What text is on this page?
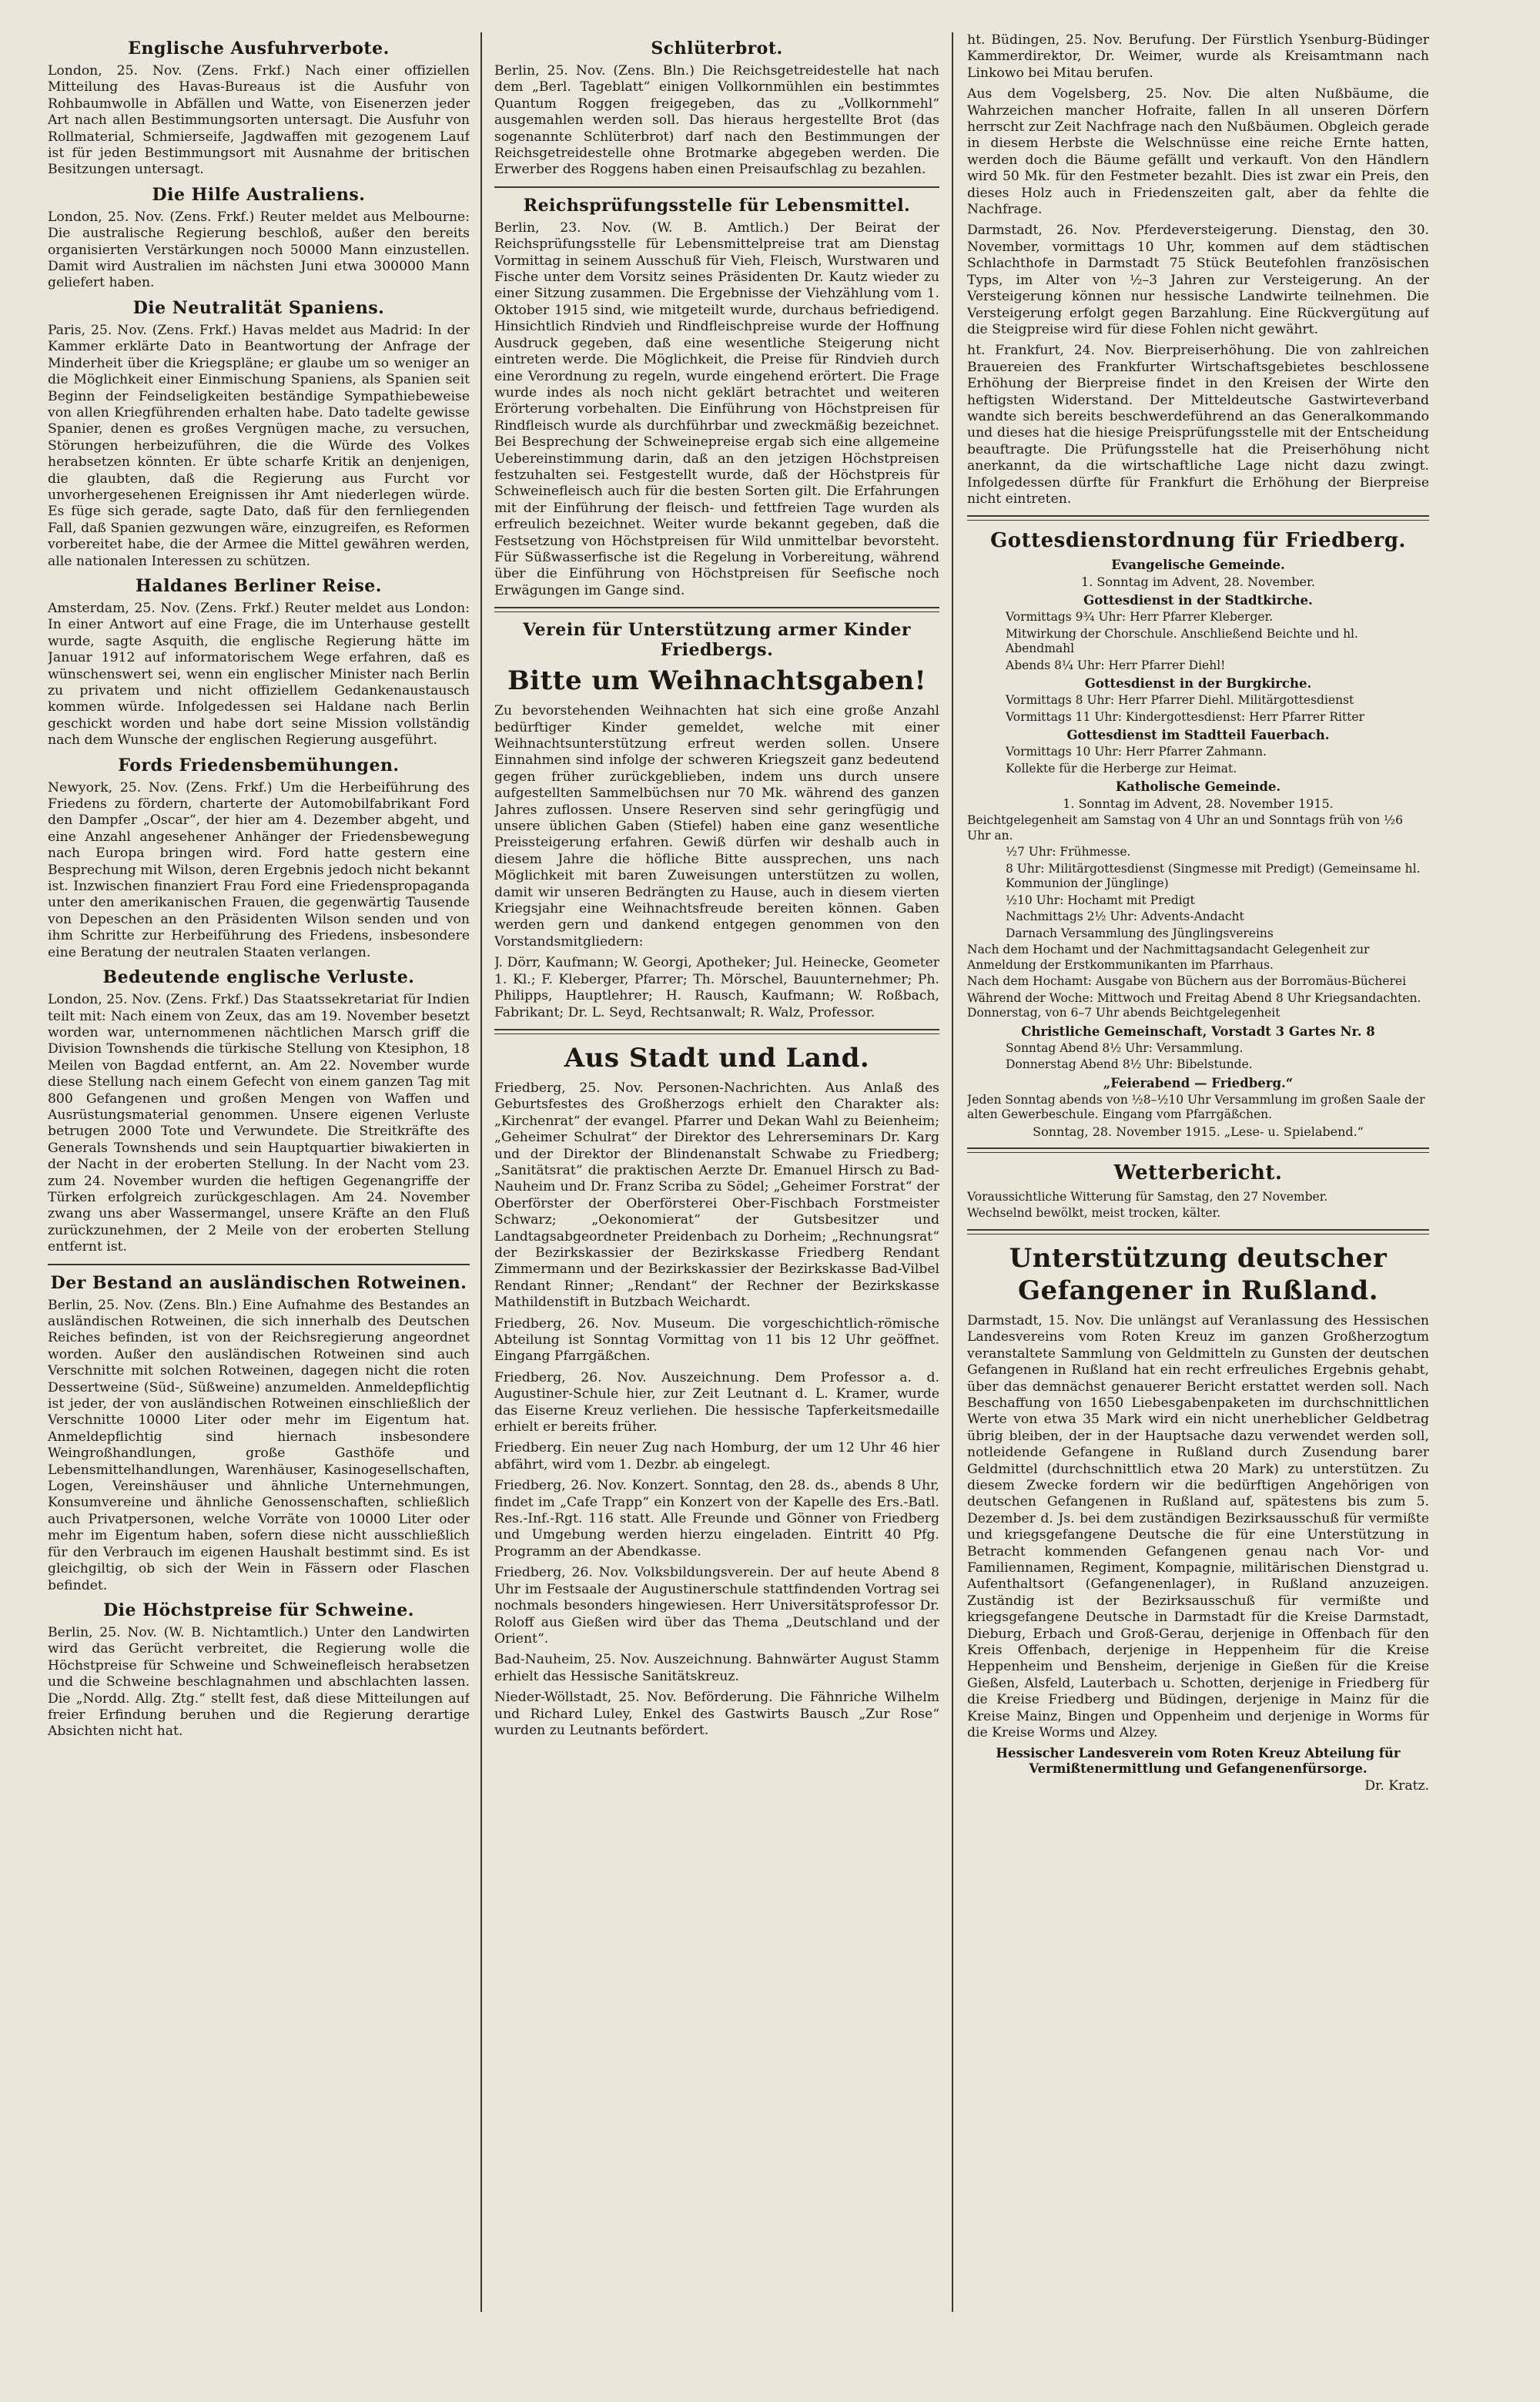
Englische Ausfuhrverbote.

London, 25. Nov. (Zens. Frkf.) Nach einer offiziellen Mitteilung des Havas-Bureaus ist die Ausfuhr von Rohbaumwolle in Abfällen und Watte, von Eisenerzen jeder Art nach allen Bestimmungsorten untersagt. Die Ausfuhr von Rollmaterial, Schmierseife, Jagdwaffen mit gezogenem Lauf ist für jeden Bestimmungsort mit Ausnahme der britischen Besitzungen untersagt.

Die Hilfe Australiens.

London, 25. Nov. (Zens. Frkf.) Reuter meldet aus Melbourne: Die australische Regierung beschloß, außer den bereits organisierten Verstärkungen noch 50000 Mann einzustellen. Damit wird Australien im nächsten Juni etwa 300000 Mann geliefert haben.

Die Neutralität Spaniens.

Paris, 25. Nov. (Zens. Frkf.) Havas meldet aus Madrid: In der Kammer erklärte Dato in Beantwortung der Anfrage der Minderheit über die Kriegspläne; er glaube um so weniger an die Möglichkeit einer Einmischung Spaniens, als Spanien seit Beginn der Feindseligkeiten beständige Sympathiebeweise von allen Kriegführenden erhalten habe. Dato tadelte gewisse Spanier, denen es großes Vergnügen mache, zu versuchen, Störungen herbeizuführen, die die Würde des Volkes herabsetzen könnten. Er übte scharfe Kritik an denjenigen, die glaubten, daß die Regierung aus Furcht vor unvorhergesehenen Ereignissen ihr Amt niederlegen würde. Es füge sich gerade, sagte Dato, daß für den fernliegenden Fall, daß Spanien gezwungen wäre, einzugreifen, es Reformen vorbereitet habe, die der Armee die Mittel gewähren werden, alle nationalen Interessen zu schützen.

Haldanes Berliner Reise.

Amsterdam, 25. Nov. (Zens. Frkf.) Reuter meldet aus London: In einer Antwort auf eine Frage, die im Unterhause gestellt wurde, sagte Asquith, die englische Regierung hätte im Januar 1912 auf informatorischem Wege erfahren, daß es wünschenswert sei, wenn ein englischer Minister nach Berlin zu privatem und nicht offiziellem Gedankenaustausch kommen würde. Infolgedessen sei Haldane nach Berlin geschickt worden und habe dort seine Mission vollständig nach dem Wunsche der englischen Regierung ausgeführt.

Fords Friedensbemühungen.

Newyork, 25. Nov. (Zens. Frkf.) Um die Herbeiführung des Friedens zu fördern, charterte der Automobilfabrikant Ford den Dampfer „Oscar“, der hier am 4. Dezember abgeht, und eine Anzahl angesehener Anhänger der Friedensbewegung nach Europa bringen wird. Ford hatte gestern eine Besprechung mit Wilson, deren Ergebnis jedoch nicht bekannt ist. Inzwischen finanziert Frau Ford eine Friedenspropaganda unter den amerikanischen Frauen, die gegenwärtig Tausende von Depeschen an den Präsidenten Wilson senden und von ihm Schritte zur Herbeiführung des Friedens, insbesondere eine Beratung der neutralen Staaten verlangen.

Bedeutende englische Verluste.

London, 25. Nov. (Zens. Frkf.) Das Staatssekretariat für Indien teilt mit: Nach einem von Zeux, das am 19. November besetzt worden war, unternommenen nächtlichen Marsch griff die Division Townshends die türkische Stellung von Ktesiphon, 18 Meilen von Bagdad entfernt, an. Am 22. November wurde diese Stellung nach einem Gefecht von einem ganzen Tag mit 800 Gefangenen und großen Mengen von Waffen und Ausrüstungsmaterial genommen. Unsere eigenen Verluste betrugen 2000 Tote und Verwundete. Die Streitkräfte des Generals Townshends und sein Hauptquartier biwakierten in der Nacht in der eroberten Stellung. In der Nacht vom 23. zum 24. November wurden die heftigen Gegenangriffe der Türken erfolgreich zurückgeschlagen. Am 24. November zwang uns aber Wassermangel, unsere Kräfte an den Fluß zurückzunehmen, der 2 Meile von der eroberten Stellung entfernt ist.

Der Bestand an ausländischen Rotweinen.

Berlin, 25. Nov. (Zens. Bln.) Eine Aufnahme des Bestandes an ausländischen Rotweinen, die sich innerhalb des Deutschen Reiches befinden, ist von der Reichsregierung angeordnet worden. Außer den ausländischen Rotweinen sind auch Verschnitte mit solchen Rotweinen, dagegen nicht die roten Dessertweine (Süd-, Süßweine) anzumelden. Anmeldepflichtig ist jeder, der von ausländischen Rotweinen einschließlich der Verschnitte 10000 Liter oder mehr im Eigentum hat. Anmeldepflichtig sind hiernach insbesondere Weingroßhandlungen, große Gasthöfe und Lebensmittelhandlungen, Warenhäuser, Kasinogesellschaften, Logen, Vereinshäuser und ähnliche Unternehmungen, Konsumvereine und ähnliche Genossenschaften, schließlich auch Privatpersonen, welche Vorräte von 10000 Liter oder mehr im Eigentum haben, sofern diese nicht ausschließlich für den Verbrauch im eigenen Haushalt bestimmt sind. Es ist gleichgiltig, ob sich der Wein in Fässern oder Flaschen befindet.

Die Höchstpreise für Schweine.

Berlin, 25. Nov. (W. B. Nichtamtlich.) Unter den Landwirten wird das Gerücht verbreitet, die Regierung wolle die Höchstpreise für Schweine und Schweinefleisch herabsetzen und die Schweine beschlagnahmen und abschlachten lassen. Die „Nordd. Allg. Ztg.“ stellt fest, daß diese Mitteilungen auf freier Erfindung beruhen und die Regierung derartige Absichten nicht hat.

Schlüterbrot.

Berlin, 25. Nov. (Zens. Bln.) Die Reichsgetreidestelle hat nach dem „Berl. Tageblatt“ einigen Vollkornmühlen ein bestimmtes Quantum Roggen freigegeben, das zu „Vollkornmehl“ ausgemahlen werden soll. Das hieraus hergestellte Brot (das sogenannte Schlüterbrot) darf nach den Bestimmungen der Reichsgetreidestelle ohne Brotmarke abgegeben werden. Die Erwerber des Roggens haben einen Preisaufschlag zu bezahlen.

Reichsprüfungsstelle für Lebensmittel.

Berlin, 23. Nov. (W. B. Amtlich.) Der Beirat der Reichsprüfungsstelle für Lebensmittelpreise trat am Dienstag Vormittag in seinem Ausschuß für Vieh, Fleisch, Wurstwaren und Fische unter dem Vorsitz seines Präsidenten Dr. Kautz wieder zu einer Sitzung zusammen. Die Ergebnisse der Viehzählung vom 1. Oktober 1915 sind, wie mitgeteilt wurde, durchaus befriedigend. Hinsichtlich Rindvieh und Rindfleischpreise wurde der Hoffnung Ausdruck gegeben, daß eine wesentliche Steigerung nicht eintreten werde. Die Möglichkeit, die Preise für Rindvieh durch eine Verordnung zu regeln, wurde eingehend erörtert. Die Frage wurde indes als noch nicht geklärt betrachtet und weiteren Erörterung vorbehalten. Die Einführung von Höchstpreisen für Rindfleisch wurde als durchführbar und zweckmäßig bezeichnet. Bei Besprechung der Schweinepreise ergab sich eine allgemeine Uebereinstimmung darin, daß an den jetzigen Höchstpreisen festzuhalten sei. Festgestellt wurde, daß der Höchstpreis für Schweinefleisch auch für die besten Sorten gilt. Die Erfahrungen mit der Einführung der fleisch- und fettfreien Tage wurden als erfreulich bezeichnet. Weiter wurde bekannt gegeben, daß die Festsetzung von Höchstpreisen für Wild unmittelbar bevorsteht. Für Süßwasserfische ist die Regelung in Vorbereitung, während über die Einführung von Höchstpreisen für Seefische noch Erwägungen im Gange sind.

Verein für Unterstützung armer Kinder Friedbergs.
Bitte um Weihnachtsgaben!

Zu bevorstehenden Weihnachten hat sich eine große Anzahl bedürftiger Kinder gemeldet, welche mit einer Weihnachtsunterstützung erfreut werden sollen. Unsere Einnahmen sind infolge der schweren Kriegszeit ganz bedeutend gegen früher zurückgeblieben, indem uns durch unsere aufgestellten Sammelbüchsen nur 70 Mk. während des ganzen Jahres zuflossen. Unsere Reserven sind sehr geringfügig und unsere üblichen Gaben (Stiefel) haben eine ganz wesentliche Preissteigerung erfahren. Gewiß dürfen wir deshalb auch in diesem Jahre die höfliche Bitte aussprechen, uns nach Möglichkeit mit baren Zuweisungen unterstützen zu wollen, damit wir unseren Bedrängten zu Hause, auch in diesem vierten Kriegsjahr eine Weihnachtsfreude bereiten können. Gaben werden gern und dankend entgegen genommen von den Vorstandsmitgliedern:

J. Dörr, Kaufmann; W. Georgi, Apotheker; Jul. Heinecke, Geometer 1. Kl.; F. Kleberger, Pfarrer; Th. Mörschel, Bauunternehmer; Ph. Philipps, Hauptlehrer; H. Rausch, Kaufmann; W. Roßbach, Fabrikant; Dr. L. Seyd, Rechtsanwalt; R. Walz, Professor.

Aus Stadt und Land.

Friedberg, 25. Nov. Personen-Nachrichten. Aus Anlaß des Geburtsfestes des Großherzogs erhielt den Charakter als: „Kirchenrat“ der evangel. Pfarrer und Dekan Wahl zu Beienheim; „Geheimer Schulrat“ der Direktor des Lehrerseminars Dr. Karg und der Direktor der Blindenanstalt Schwabe zu Friedberg; „Sanitätsrat“ die praktischen Aerzte Dr. Emanuel Hirsch zu Bad-Nauheim und Dr. Franz Scriba zu Södel; „Geheimer Forstrat“ der Oberförster der Oberförsterei Ober-Fischbach Forstmeister Schwarz; „Oekonomierat“ der Gutsbesitzer und Landtagsabgeordneter Preidenbach zu Dorheim; „Rechnungsrat“ der Bezirkskassier der Bezirkskasse Friedberg Rendant Zimmermann und der Bezirkskassier der Bezirkskasse Bad-Vilbel Rendant Rinner; „Rendant“ der Rechner der Bezirkskasse Mathildenstift in Butzbach Weichardt.

Friedberg, 26. Nov. Museum. Die vorgeschichtlich-römische Abteilung ist Sonntag Vormittag von 11 bis 12 Uhr geöffnet. Eingang Pfarrgäßchen.

Friedberg, 26. Nov. Auszeichnung. Dem Professor a. d. Augustiner-Schule hier, zur Zeit Leutnant d. L. Kramer, wurde das Eiserne Kreuz verliehen. Die hessische Tapferkeitsmedaille erhielt er bereits früher.

Friedberg. Ein neuer Zug nach Homburg, der um 12 Uhr 46 hier abfährt, wird vom 1. Dezbr. ab eingelegt.

Friedberg, 26. Nov. Konzert. Sonntag, den 28. ds., abends 8 Uhr, findet im „Cafe Trapp“ ein Konzert von der Kapelle des Ers.-Batl. Res.-Inf.-Rgt. 116 statt. Alle Freunde und Gönner von Friedberg und Umgebung werden hierzu eingeladen. Eintritt 40 Pfg. Programm an der Abendkasse.

Friedberg, 26. Nov. Volksbildungsverein. Der auf heute Abend 8 Uhr im Festsaale der Augustinerschule stattfindenden Vortrag sei nochmals besonders hingewiesen. Herr Universitätsprofessor Dr. Roloff aus Gießen wird über das Thema „Deutschland und der Orient“.

Bad-Nauheim, 25. Nov. Auszeichnung. Bahnwärter August Stamm erhielt das Hessische Sanitätskreuz.

Nieder-Wöllstadt, 25. Nov. Beförderung. Die Fähnriche Wilhelm und Richard Luley, Enkel des Gastwirts Bausch „Zur Rose“ wurden zu Leutnants befördert.

ht. Büdingen, 25. Nov. Berufung. Der Fürstlich Ysenburg-Büdinger Kammerdirektor, Dr. Weimer, wurde als Kreisamtmann nach Linkowo bei Mitau berufen.

Aus dem Vogelsberg, 25. Nov. Die alten Nußbäume, die Wahrzeichen mancher Hofraite, fallen In all unseren Dörfern herrscht zur Zeit Nachfrage nach den Nußbäumen. Obgleich gerade in diesem Herbste die Welschnüsse eine reiche Ernte hatten, werden doch die Bäume gefällt und verkauft. Von den Händlern wird 50 Mk. für den Festmeter bezahlt. Dies ist zwar ein Preis, den dieses Holz auch in Friedenszeiten galt, aber da fehlte die Nachfrage.

Darmstadt, 26. Nov. Pferdeversteigerung. Dienstag, den 30. November, vormittags 10 Uhr, kommen auf dem städtischen Schlachthofe in Darmstadt 75 Stück Beutefohlen französischen Typs, im Alter von ½–3 Jahren zur Versteigerung. An der Versteigerung können nur hessische Landwirte teilnehmen. Die Versteigerung erfolgt gegen Barzahlung. Eine Rückvergütung auf die Steigpreise wird für diese Fohlen nicht gewährt.

ht. Frankfurt, 24. Nov. Bierpreiserhöhung. Die von zahlreichen Brauereien des Frankfurter Wirtschaftsgebietes beschlossene Erhöhung der Bierpreise findet in den Kreisen der Wirte den heftigsten Widerstand. Der Mitteldeutsche Gastwirteverband wandte sich bereits beschwerdeführend an das Generalkommando und dieses hat die hiesige Preisprüfungsstelle mit der Entscheidung beauftragte. Die Prüfungsstelle hat die Preiserhöhung nicht anerkannt, da die wirtschaftliche Lage nicht dazu zwingt. Infolgedessen dürfte für Frankfurt die Erhöhung der Bierpreise nicht eintreten.

Gottesdienstordnung für Friedberg.
Evangelische Gemeinde.
1. Sonntag im Advent, 28. November.
Gottesdienst in der Stadtkirche.

Vormittags 9¾ Uhr: Herr Pfarrer Kleberger.

Mitwirkung der Chorschule. Anschließend Beichte und hl. Abendmahl

Abends 8¼ Uhr: Herr Pfarrer Diehl!

Gottesdienst in der Burgkirche.

Vormittags 8 Uhr: Herr Pfarrer Diehl. Militärgottesdienst

Vormittags 11 Uhr: Kindergottesdienst: Herr Pfarrer Ritter

Gottesdienst im Stadtteil Fauerbach.

Vormittags 10 Uhr: Herr Pfarrer Zahmann.

Kollekte für die Herberge zur Heimat.

Katholische Gemeinde.
1. Sonntag im Advent, 28. November 1915.

Beichtgelegenheit am Samstag von 4 Uhr an und Sonntags früh von ½6 Uhr an.

½7 Uhr: Frühmesse.

8 Uhr: Militärgottesdienst (Singmesse mit Predigt) (Gemeinsame hl. Kommunion der Jünglinge)

½10 Uhr: Hochamt mit Predigt

Nachmittags 2½ Uhr: Advents-Andacht

Darnach Versammlung des Jünglingsvereins

Nach dem Hochamt und der Nachmittagsandacht Gelegenheit zur Anmeldung der Erstkommunikanten im Pfarrhaus.

Nach dem Hochamt: Ausgabe von Büchern aus der Borromäus-Bücherei

Während der Woche: Mittwoch und Freitag Abend 8 Uhr Kriegsandachten. Donnerstag, von 6–7 Uhr abends Beichtgelegenheit

Christliche Gemeinschaft, Vorstadt 3 Gartes Nr. 8

Sonntag Abend 8½ Uhr: Versammlung.

Donnerstag Abend 8½ Uhr: Bibelstunde.

„Feierabend — Friedberg.“

Jeden Sonntag abends von ½8–½10 Uhr Versammlung im großen Saale der alten Gewerbeschule. Eingang vom Pfarrgäßchen.

Sonntag, 28. November 1915. „Lese- u. Spielabend.“
Wetterbericht.

Voraussichtliche Witterung für Samstag, den 27 November.

Wechselnd bewölkt, meist trocken, kälter.

Unterstützung deutscher Gefangener in Rußland.

Darmstadt, 15. Nov. Die unlängst auf Veranlassung des Hessischen Landesvereins vom Roten Kreuz im ganzen Großherzogtum veranstaltete Sammlung von Geldmitteln zu Gunsten der deutschen Gefangenen in Rußland hat ein recht erfreuliches Ergebnis gehabt, über das demnächst genauerer Bericht erstattet werden soll. Nach Beschaffung von 1650 Liebesgabenpaketen im durchschnittlichen Werte von etwa 35 Mark wird ein nicht unerheblicher Geldbetrag übrig bleiben, der in der Hauptsache dazu verwendet werden soll, notleidende Gefangene in Rußland durch Zusendung barer Geldmittel (durchschnittlich etwa 20 Mark) zu unterstützen. Zu diesem Zwecke fordern wir die bedürftigen Angehörigen von deutschen Gefangenen in Rußland auf, spätestens bis zum 5. Dezember d. Js. bei dem zuständigen Bezirksausschuß für vermißte und kriegsgefangene Deutsche die für eine Unterstützung in Betracht kommenden Gefangenen genau nach Vor- und Familiennamen, Regiment, Kompagnie, militärischen Dienstgrad u. Aufenthaltsort (Gefangenenlager), in Rußland anzuzeigen. Zuständig ist der Bezirksausschuß für vermißte und kriegsgefangene Deutsche in Darmstadt für die Kreise Darmstadt, Dieburg, Erbach und Groß-Gerau, derjenige in Offenbach für den Kreis Offenbach, derjenige in Heppenheim für die Kreise Heppenheim und Bensheim, derjenige in Gießen für die Kreise Gießen, Alsfeld, Lauterbach u. Schotten, derjenige in Friedberg für die Kreise Friedberg und Büdingen, derjenige in Mainz für die Kreise Mainz, Bingen und Oppenheim und derjenige in Worms für die Kreise Worms und Alzey.

Hessischer Landesverein vom Roten Kreuz Abteilung für Vermißtenermittlung und Gefangenenfürsorge.

Dr. Kratz.
